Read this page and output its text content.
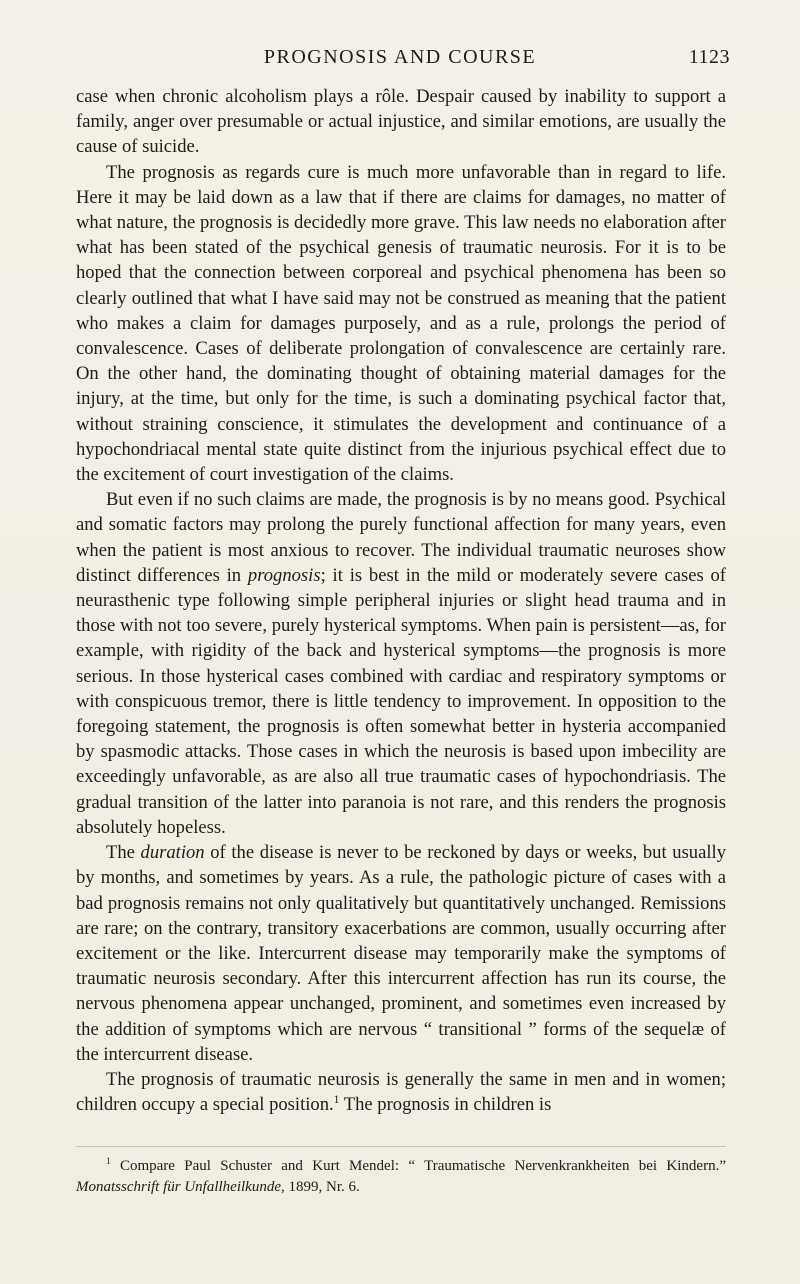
PROGNOSIS AND COURSE	1123

case when chronic alcoholism plays a rôle. Despair caused by inability to support a family, anger over presumable or actual injustice, and similar emotions, are usually the cause of suicide.

The prognosis as regards cure is much more unfavorable than in regard to life. Here it may be laid down as a law that if there are claims for damages, no matter of what nature, the prognosis is decidedly more grave. This law needs no elaboration after what has been stated of the psychical genesis of traumatic neurosis. For it is to be hoped that the connection between corporeal and psychical phenomena has been so clearly outlined that what I have said may not be construed as meaning that the patient who makes a claim for damages purposely, and as a rule, prolongs the period of convalescence. Cases of deliberate prolongation of convalescence are certainly rare. On the other hand, the dominating thought of obtaining material damages for the injury, at the time, but only for the time, is such a dominating psychical factor that, without straining conscience, it stimulates the development and continuance of a hypochondriacal mental state quite distinct from the injurious psychical effect due to the excitement of court investigation of the claims.

But even if no such claims are made, the prognosis is by no means good. Psychical and somatic factors may prolong the purely functional affection for many years, even when the patient is most anxious to recover. The individual traumatic neuroses show distinct differences in prognosis; it is best in the mild or moderately severe cases of neurasthenic type following simple peripheral injuries or slight head trauma and in those with not too severe, purely hysterical symptoms. When pain is persistent—as, for example, with rigidity of the back and hysterical symptoms—the prognosis is more serious. In those hysterical cases combined with cardiac and respiratory symptoms or with conspicuous tremor, there is little tendency to improvement. In opposition to the foregoing statement, the prognosis is often somewhat better in hysteria accompanied by spasmodic attacks. Those cases in which the neurosis is based upon imbecility are exceedingly unfavorable, as are also all true traumatic cases of hypochondriasis. The gradual transition of the latter into paranoia is not rare, and this renders the prognosis absolutely hopeless.

The duration of the disease is never to be reckoned by days or weeks, but usually by months, and sometimes by years. As a rule, the pathologic picture of cases with a bad prognosis remains not only qualitatively but quantitatively unchanged. Remissions are rare; on the contrary, transitory exacerbations are common, usually occurring after excitement or the like. Intercurrent disease may temporarily make the symptoms of traumatic neurosis secondary. After this intercurrent affection has run its course, the nervous phenomena appear unchanged, prominent, and sometimes even increased by the addition of symptoms which are nervous “ transitional ” forms of the sequelæ of the intercurrent disease.

The prognosis of traumatic neurosis is generally the same in men and in women; children occupy a special position.$^1$ The prognosis in children is

$^1$ Compare Paul Schuster and Kurt Mendel: “ Traumatische Nervenkrankheiten bei Kindern.” Monatsschrift für Unfallheilkunde, 1899, Nr. 6.
